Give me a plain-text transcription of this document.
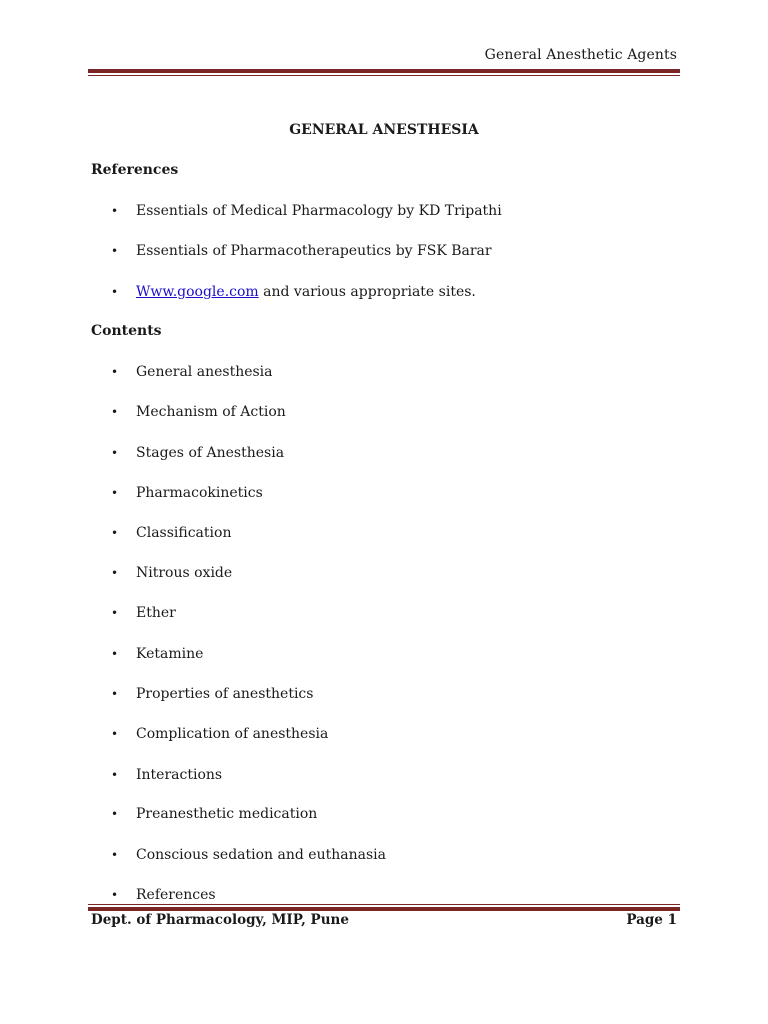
General Anesthetic Agents
GENERAL ANESTHESIA
References
• Essentials of Medical Pharmacology by KD Tripathi
• Essentials of Pharmacotherapeutics by FSK Barar
• Www.google.com and various appropriate sites.
Contents
• General anesthesia
• Mechanism of Action
• Stages of Anesthesia
• Pharmacokinetics
• Classification
• Nitrous oxide
• Ether
• Ketamine
• Properties of anesthetics
• Complication of anesthesia
• Interactions
• Preanesthetic medication
• Conscious sedation and euthanasia
• References
Dept. of Pharmacology, MIP, Pune	Page 1
